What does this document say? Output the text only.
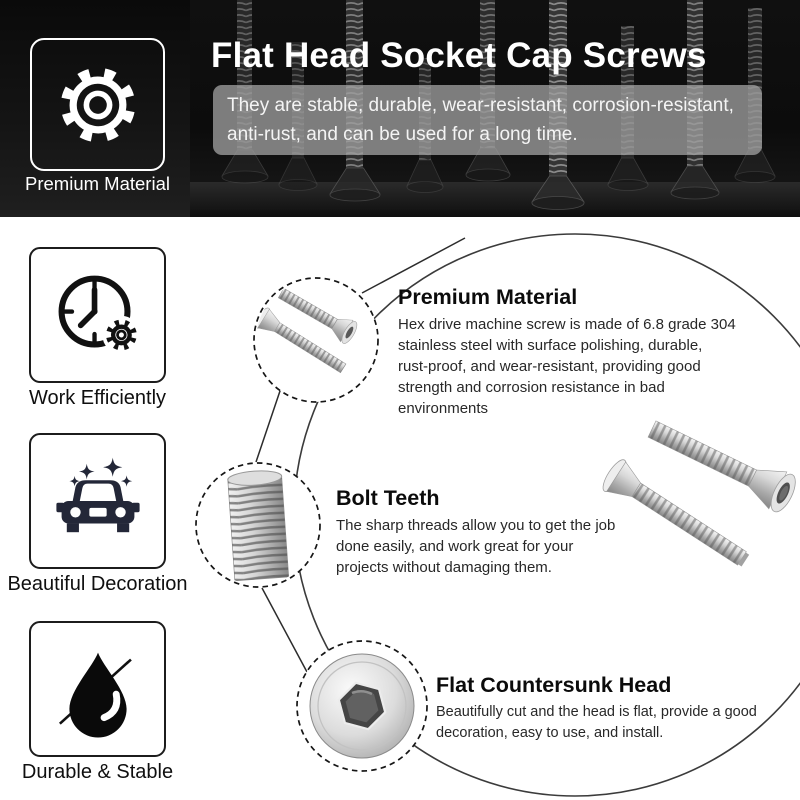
Flat Head Socket Cap Screws

They are stable, durable, wear-resistant, corrosion-resistant, anti-rust, and can be used for a long time.

Premium Material
Work Efficiently
Beautiful Decoration
Durable & Stable
Premium Material

Hex drive machine screw is made of 6.8 grade 304 stainless steel with surface polishing, durable, rust-proof, and wear-resistant, providing good strength and corrosion resistance in bad environments

Bolt Teeth

The sharp threads allow you to get the job done easily, and work great for your projects without damaging them.

Flat Countersunk Head

Beautifully cut and the head is flat, provide a good decoration, easy to use, and install.
